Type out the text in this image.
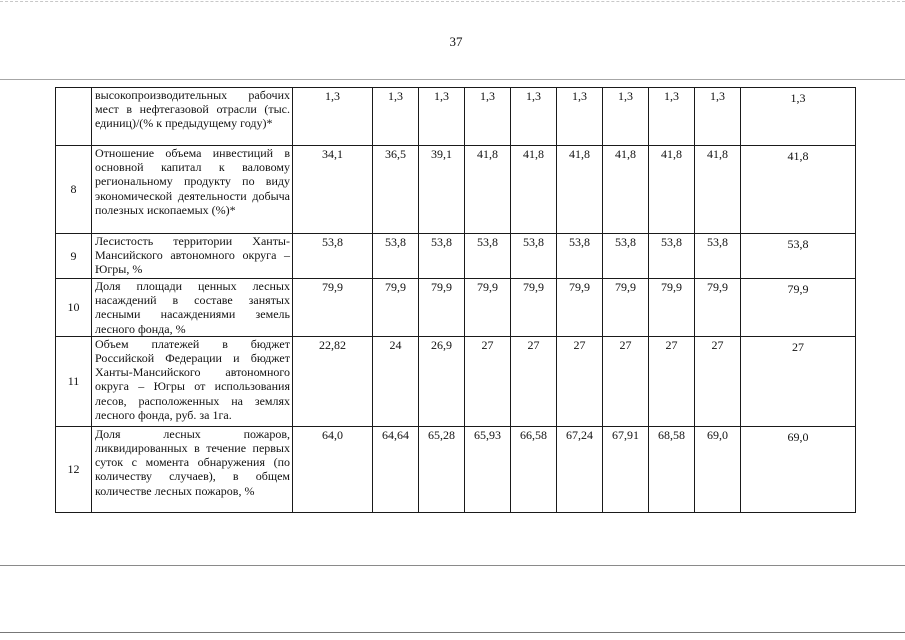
37
	высокопроизводительных рабочих мест в нефтегазовой отрасли (тыс. единиц)/(% к предыдущему году)*	1,3	1,3	1,3	1,3	1,3	1,3	1,3	1,3	1,3	1,3
8	Отношение объема инвестиций в основной капитал к валовому региональному продукту по виду экономической деятельности добыча полезных ископаемых (%)*	34,1	36,5	39,1	41,8	41,8	41,8	41,8	41,8	41,8	41,8
9	Лесистость территории Ханты-Мансийского автономного округа – Югры, %	53,8	53,8	53,8	53,8	53,8	53,8	53,8	53,8	53,8	53,8
10	Доля площади ценных лесных насаждений в составе занятых лесными насаждениями земель лесного фонда, %	79,9	79,9	79,9	79,9	79,9	79,9	79,9	79,9	79,9	79,9
11	Объем платежей в бюджет Российской Федерации и бюджет Ханты-Мансийского автономного округа – Югры от использования лесов, расположенных на землях лесного фонда, руб. за 1га.	22,82	24	26,9	27	27	27	27	27	27	27
12	Доля лесных пожаров, ликвидированных в течение первых суток с момента обнаружения (по количеству случаев), в общем количестве лесных пожаров, %	64,0	64,64	65,28	65,93	66,58	67,24	67,91	68,58	69,0	69,0
